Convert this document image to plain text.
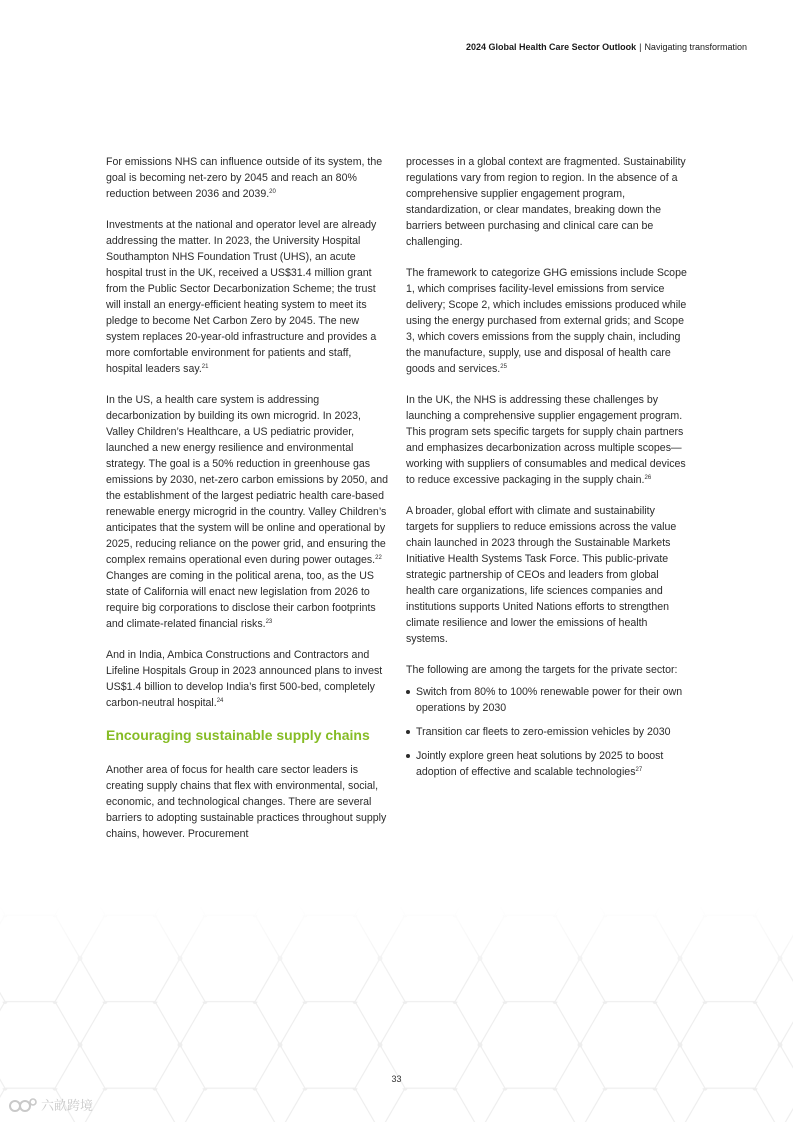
2024 Global Health Care Sector Outlook | Navigating transformation

For emissions NHS can influence outside of its system, the goal is becoming net-zero by 2045 and reach an 80% reduction between 2036 and 2039.20

Investments at the national and operator level are already addressing the matter. In 2023, the University Hospital Southampton NHS Foundation Trust (UHS), an acute hospital trust in the UK, received a US$31.4 million grant from the Public Sector Decarbonization Scheme; the trust will install an energy-efficient heating system to meet its pledge to become Net Carbon Zero by 2045. The new system replaces 20-year-old infrastructure and provides a more comfortable environment for patients and staff, hospital leaders say.$^{21}$

In the US, a health care system is addressing decarbonization by building its own microgrid. In 2023, Valley Children’s Healthcare, a US pediatric provider, launched a new energy resilience and environmental strategy. The goal is a 50% reduction in greenhouse gas emissions by 2030, net-zero carbon emissions by 2050, and the establishment of the largest pediatric health care-based renewable energy microgrid in the country. Valley Children’s anticipates that the system will be online and operational by 2025, reducing reliance on the power grid, and ensuring the complex remains operational even during power outages.$^{22}$ Changes are coming in the political arena, too, as the US state of California will enact new legislation from 2026 to require big corporations to disclose their carbon footprints and climate-related financial risks.$^{23}$

And in India, Ambica Constructions and Contractors and Lifeline Hospitals Group in 2023 announced plans to invest US$1.4 billion to develop India’s first 500-bed, completely carbon-neutral hospital.$^{24}$

Encouraging sustainable supply chains

Another area of focus for health care sector leaders is creating supply chains that flex with environmental, social, economic, and technological changes. There are several barriers to adopting sustainable practices throughout supply chains, however. Procurement

processes in a global context are fragmented. Sustainability regulations vary from region to region. In the absence of a comprehensive supplier engagement program, standardization, or clear mandates, breaking down the barriers between purchasing and clinical care can be challenging.

The framework to categorize GHG emissions include Scope 1, which comprises facility-level emissions from service delivery; Scope 2, which includes emissions produced while using the energy purchased from external grids; and Scope 3, which covers emissions from the supply chain, including the manufacture, supply, use and disposal of health care goods and services.$^{25}$

In the UK, the NHS is addressing these challenges by launching a comprehensive supplier engagement program. This program sets specific targets for supply chain partners and emphasizes decarbonization across multiple scopes—working with suppliers of consumables and medical devices to reduce excessive packaging in the supply chain.$^{26}$

A broader, global effort with climate and sustainability targets for suppliers to reduce emissions across the value chain launched in 2023 through the Sustainable Markets Initiative Health Systems Task Force. This public-private strategic partnership of CEOs and leaders from global health care organizations, life sciences companies and institutions supports United Nations efforts to strengthen climate resilience and lower the emissions of health systems.

The following are among the targets for the private sector:

Switch from 80% to 100% renewable power for their own operations by 2030
Transition car fleets to zero-emission vehicles by 2030
Jointly explore green heat solutions by 2025 to boost adoption of effective and scalable technologies$^{27}$
33
六畝跨境
